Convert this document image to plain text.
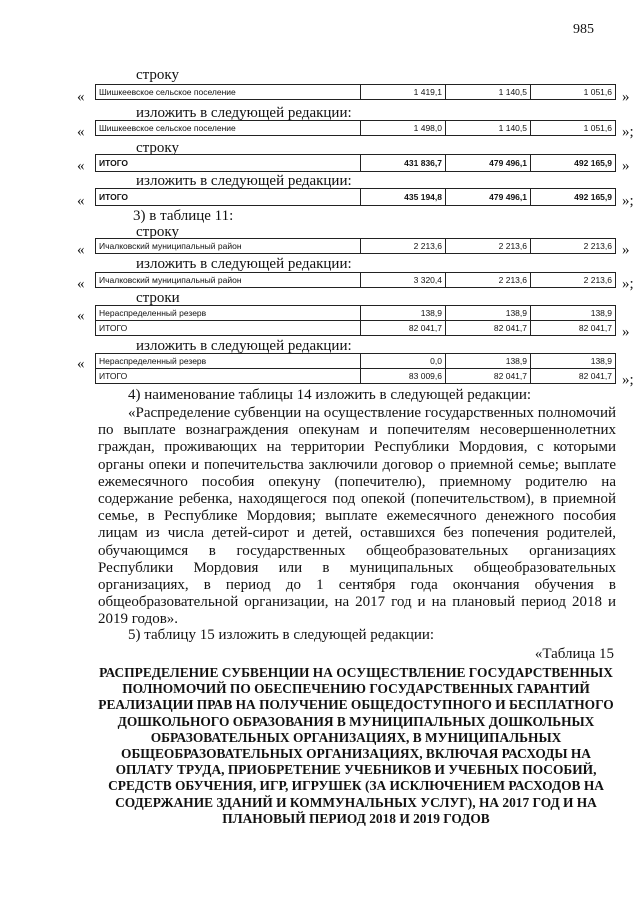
985
строку
« Шишкеевское сельское поселение	1 419,1	1 140,5	1 051,6 »
изложить в следующей редакции:
« Шишкеевское сельское поселение	1 498,0	1 140,5	1 051,6 »;
строку
« ИТОГО	431 836,7	479 496,1	492 165,9 »
изложить в следующей редакции:
« ИТОГО	435 194,8	479 496,1	492 165,9 »;
3) в таблице 11:
строку
« Ичалковский муниципальный район	2 213,6	2 213,6	2 213,6 »
изложить в следующей редакции:
« Ичалковский муниципальный район	3 320,4	2 213,6	2 213,6 »;
строки
« Нераспределенный резерв	138,9	138,9	138,9
ИТОГО	82 041,7	82 041,7	82 041,7 »
изложить в следующей редакции:
« Нераспределенный резерв	0,0	138,9	138,9
ИТОГО	83 009,6	82 041,7	82 041,7 »;
4) наименование таблицы 14 изложить в следующей редакции:

«Распределение субвенции на осуществление государственных полномочий по выплате вознаграждения опекунам и попечителям несовершеннолетних граждан, проживающих на территории Республики Мордовия, с которыми органы опеки и попечительства заключили договор о приемной семье; выплате ежемесячного пособия опекуну (попечителю), приемному родителю на содержание ребенка, находящегося под опекой (попечительством), в приемной семье, в Республике Мордовия; выплате ежемесячного денежного пособия лицам из числа детей-сирот и детей, оставшихся без попечения родителей, обучающимся в государственных общеобразовательных организациях Республики Мордовия или в муниципальных общеобразовательных организациях, в период до 1 сентября года окончания обучения в общеобразовательной организации, на 2017 год и на плановый период 2018 и 2019 годов».

5) таблицу 15 изложить в следующей редакции:
«Таблица 15

РАСПРЕДЕЛЕНИЕ СУБВЕНЦИИ НА ОСУЩЕСТВЛЕНИЕ ГОСУДАРСТВЕННЫХ ПОЛНОМОЧИЙ ПО ОБЕСПЕЧЕНИЮ ГОСУДАРСТВЕННЫХ ГАРАНТИЙ РЕАЛИЗАЦИИ ПРАВ НА ПОЛУЧЕНИЕ ОБЩЕДОСТУПНОГО И БЕСПЛАТНОГО ДОШКОЛЬНОГО ОБРАЗОВАНИЯ В МУНИЦИПАЛЬНЫХ ДОШКОЛЬНЫХ ОБРАЗОВАТЕЛЬНЫХ ОРГАНИЗАЦИЯХ, В МУНИЦИПАЛЬНЫХ ОБЩЕОБРАЗОВАТЕЛЬНЫХ ОРГАНИЗАЦИЯХ, ВКЛЮЧАЯ РАСХОДЫ НА ОПЛАТУ ТРУДА, ПРИОБРЕТЕНИЕ УЧЕБНИКОВ И УЧЕБНЫХ ПОСОБИЙ, СРЕДСТВ ОБУЧЕНИЯ, ИГР, ИГРУШЕК (ЗА ИСКЛЮЧЕНИЕМ РАСХОДОВ НА СОДЕРЖАНИЕ ЗДАНИЙ И КОММУНАЛЬНЫХ УСЛУГ), НА 2017 ГОД И НА ПЛАНОВЫЙ ПЕРИОД 2018 И 2019 ГОДОВ
